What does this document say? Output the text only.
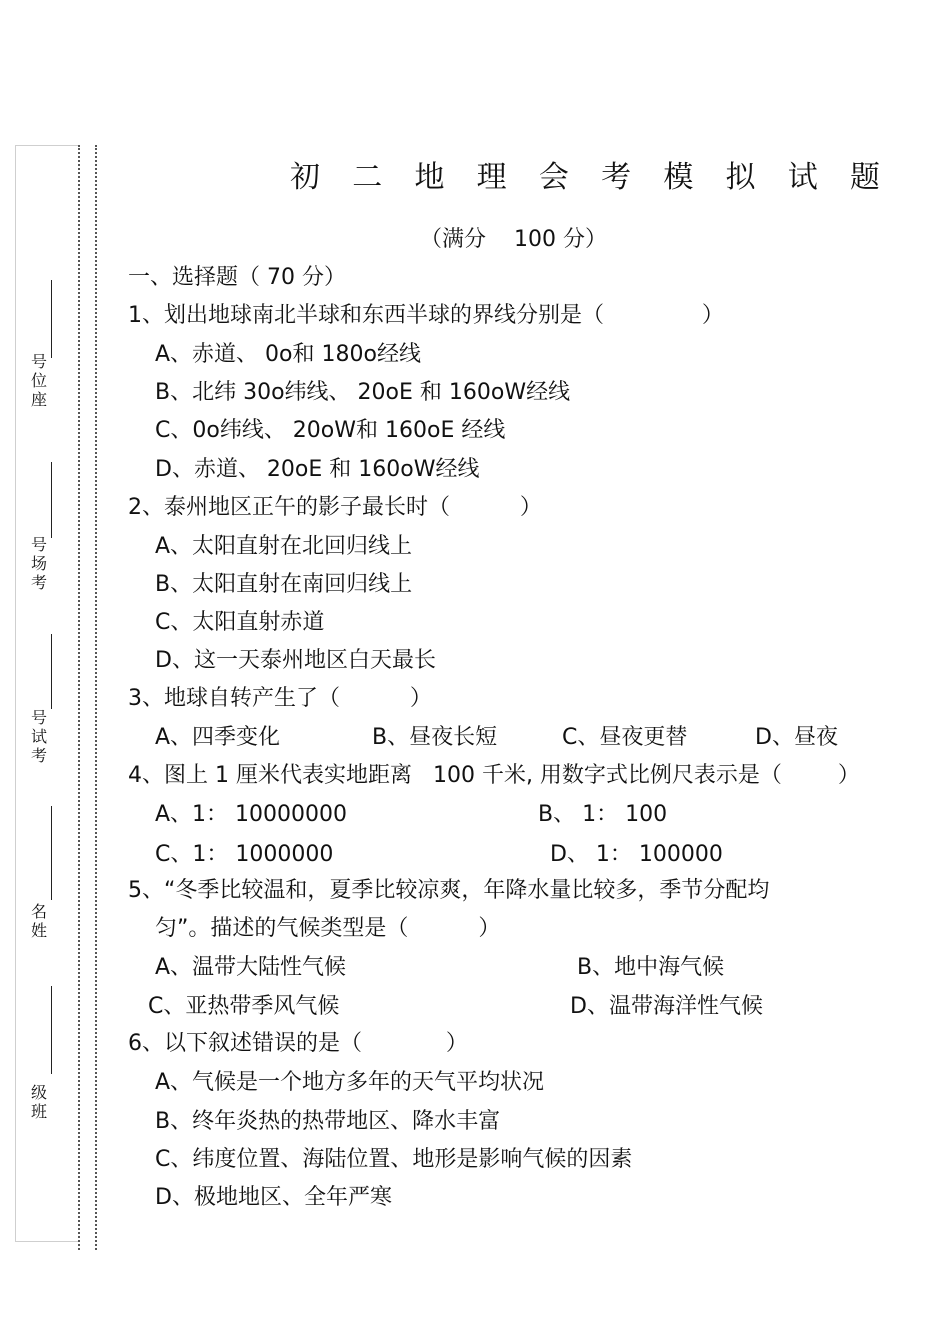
号位座
号场考
号试考
名姓
级班
初 二 地 理 会 考 模 拟 试 题
（满分    100 分）
一、选择题（ 70 分）
1、划出地球南北半球和东西半球的界线分别是（              ）
A、赤道、 0o和 180o经线
B、北纬 30o纬线、 20oE 和 160oW经线
C、0o纬线、 20oW和 160oE 经线
D、赤道、 20oE 和 160oW经线
2、泰州地区正午的影子最长时（          ）
A、太阳直射在北回归线上
B、太阳直射在南回归线上
C、太阳直射赤道
D、这一天泰州地区白天最长
3、地球自转产生了（          ）
A、四季变化	B、昼夜长短	C、昼夜更替	D、昼夜
4、图上 1 厘米代表实地距离   100 千米, 用数字式比例尺表示是（        ）
A、1： 10000000	B、 1： 100
C、1： 1000000	D、 1： 100000
5、“冬季比较温和，夏季比较凉爽，年降水量比较多，季节分配均
匀”。描述的气候类型是（          ）
A、温带大陆性气候	B、地中海气候
C、亚热带季风气候	D、温带海洋性气候
6、以下叙述错误的是（            ）
A、气候是一个地方多年的天气平均状况
B、终年炎热的热带地区、降水丰富
C、纬度位置、海陆位置、地形是影响气候的因素
D、极地地区、全年严寒
